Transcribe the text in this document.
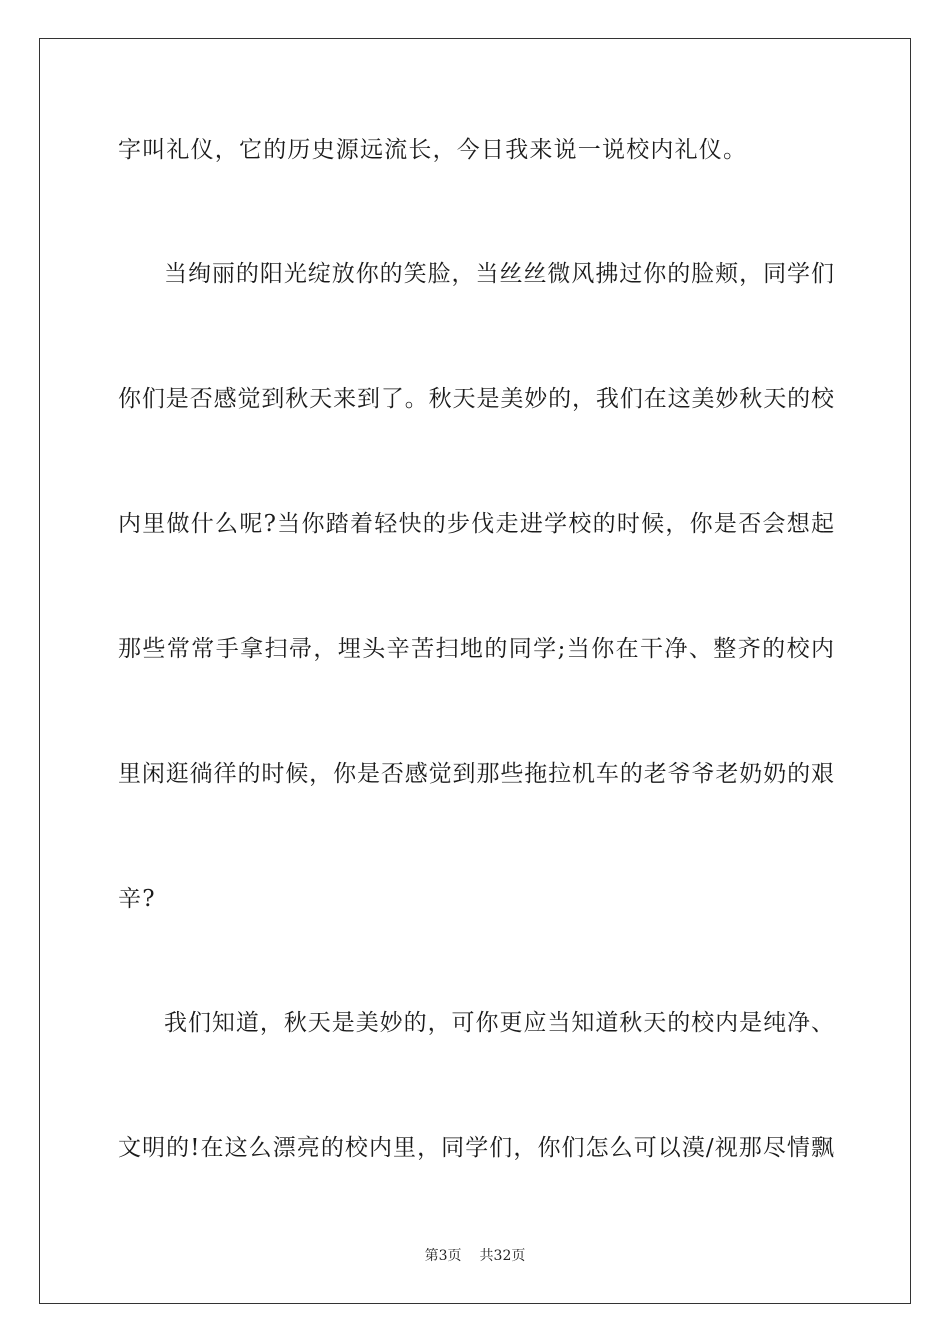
字叫礼仪，它的历史源远流长，今日我来说一说校内礼仪。
当绚丽的阳光绽放你的笑脸，当丝丝微风拂过你的脸颊，同学们
你们是否感觉到秋天来到了。秋天是美妙的，我们在这美妙秋天的校
内里做什么呢?当你踏着轻快的步伐走进学校的时候，你是否会想起
那些常常手拿扫帚，埋头辛苦扫地的同学;当你在干净、整齐的校内
里闲逛徜徉的时候，你是否感觉到那些拖拉机车的老爷爷老奶奶的艰
辛?
我们知道，秋天是美妙的，可你更应当知道秋天的校内是纯净、
文明的!在这么漂亮的校内里，同学们，你们怎么可以漠/视那尽情飘
第3页 共32页
